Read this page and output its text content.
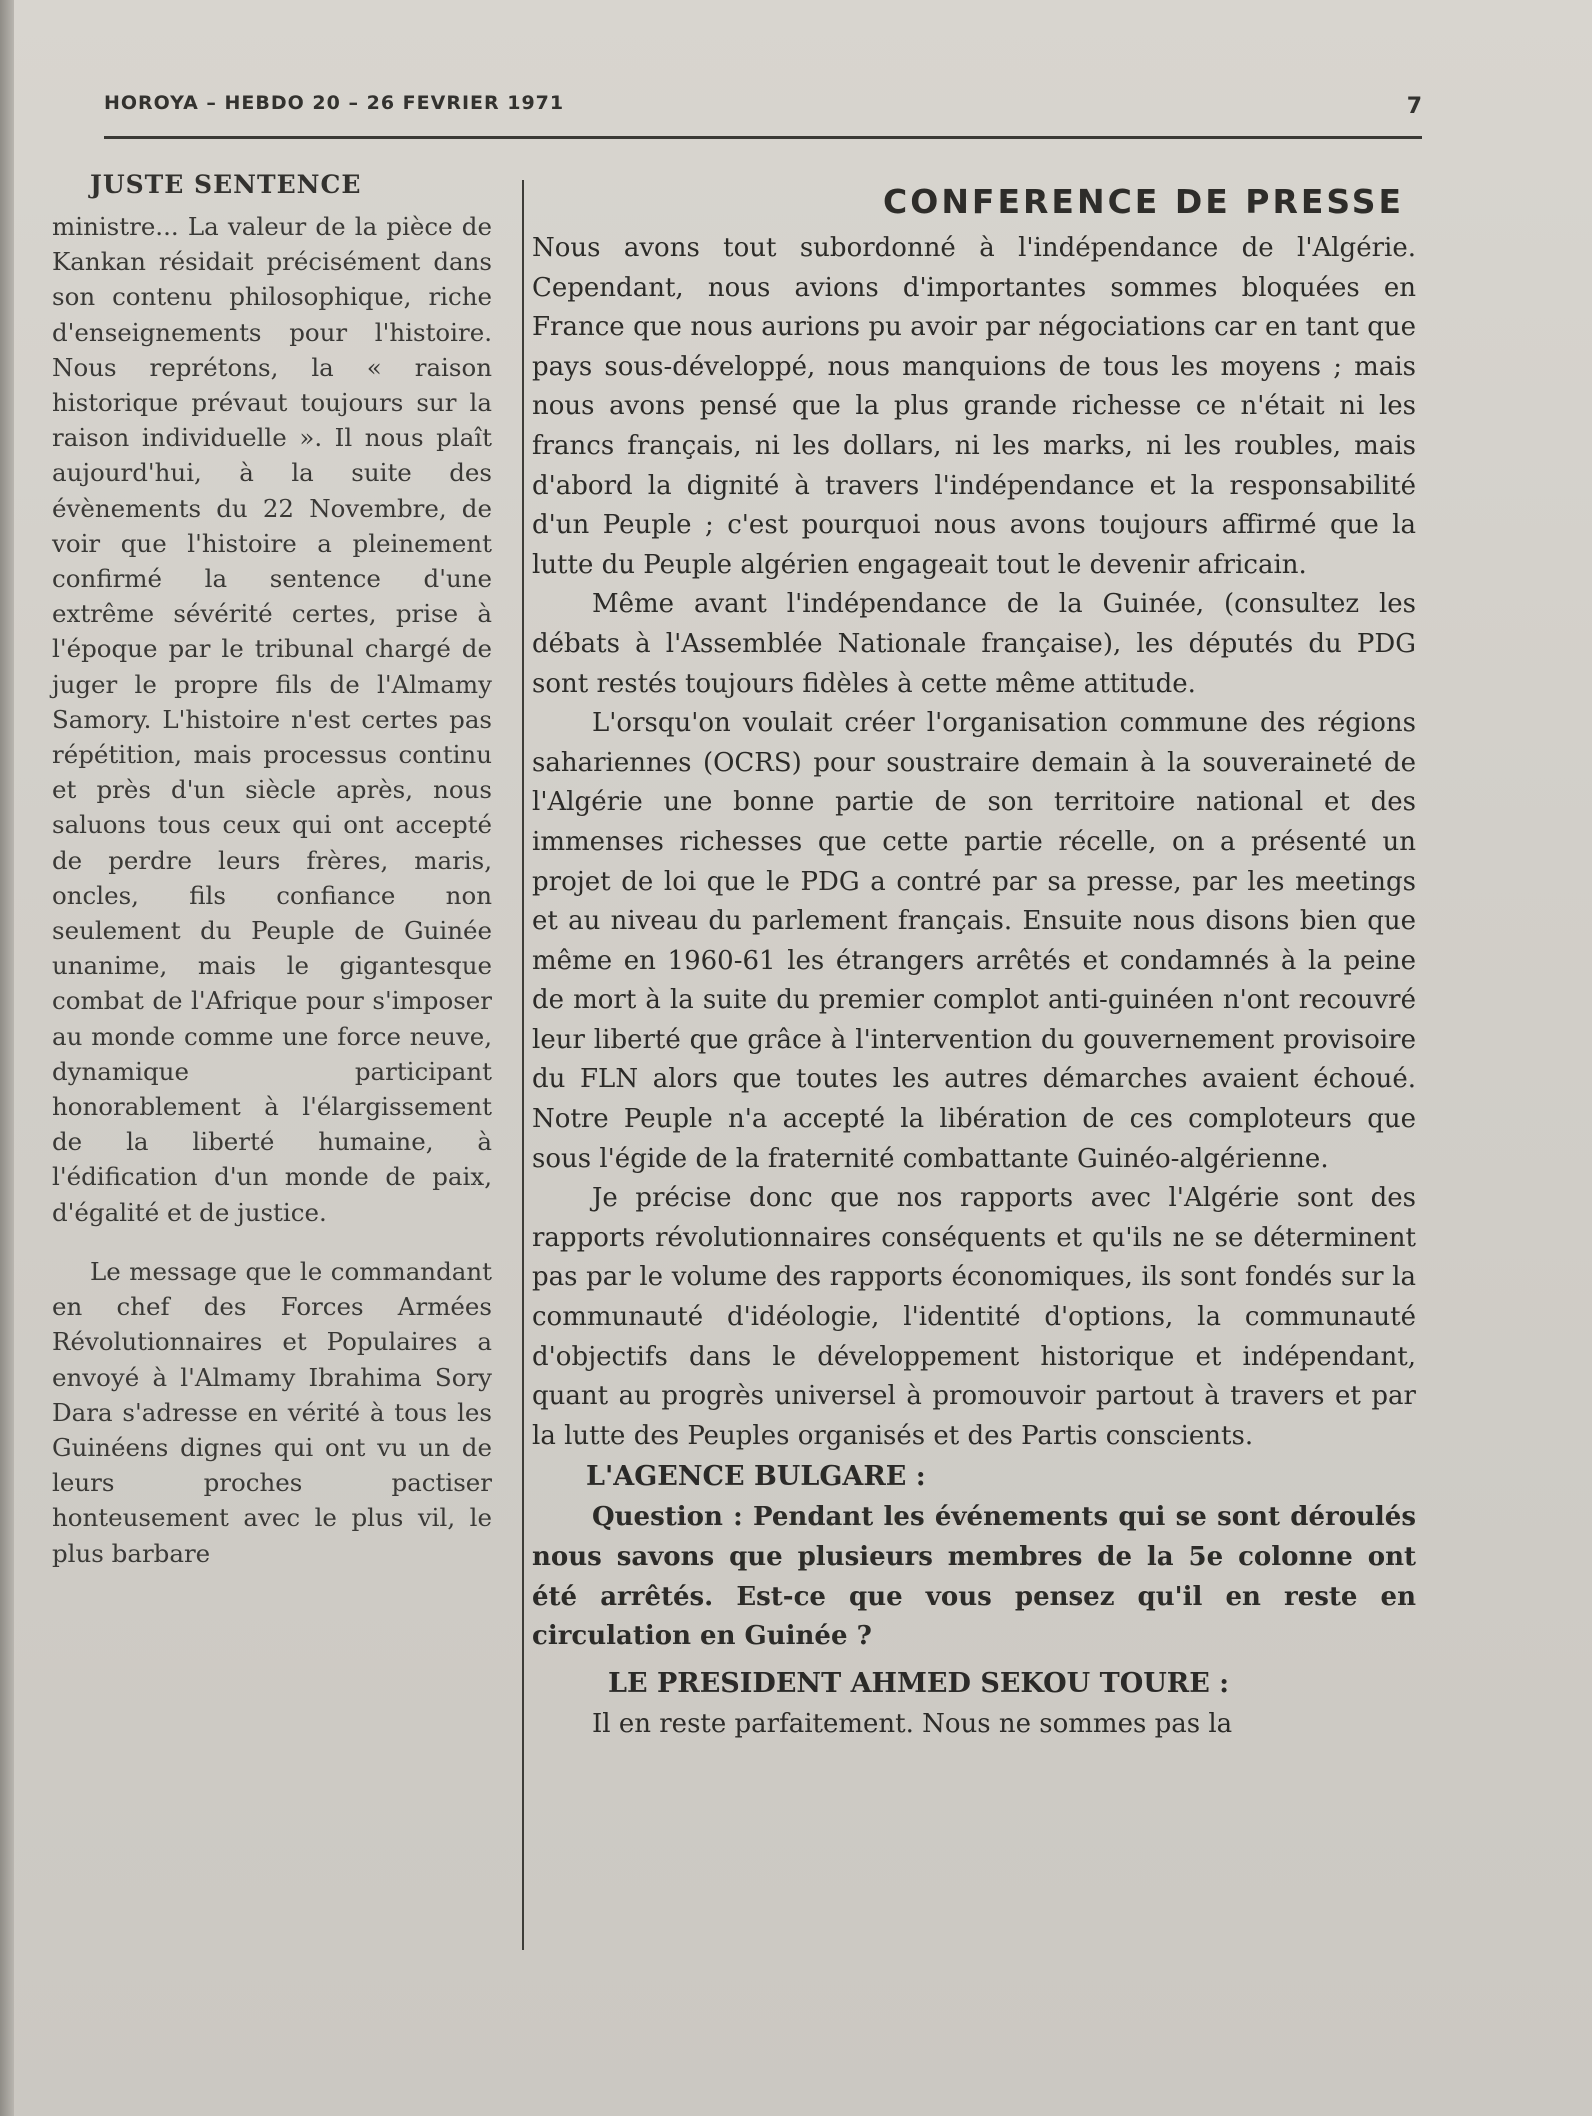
HOROYA – HEBDO 20 – 26 FEVRIER 1971	7
JUSTE SENTENCE

ministre... La valeur de la pièce de Kankan résidait précisément dans son contenu philosophique, riche d'enseignements pour l'histoire. Nous reprétons, la « raison historique prévaut toujours sur la raison individuelle ». Il nous plaît aujourd'hui, à la suite des évènements du 22 Novembre, de voir que l'histoire a pleinement confirmé la sentence d'une extrême sévérité certes, prise à l'époque par le tribunal chargé de juger le propre fils de l'Almamy Samory. L'histoire n'est certes pas répétition, mais processus continu et près d'un siècle après, nous saluons tous ceux qui ont accepté de perdre leurs frères, maris, oncles, fils confiance non seulement du Peuple de Guinée unanime, mais le gigantesque combat de l'Afrique pour s'imposer au monde comme une force neuve, dynamique participant honorablement à l'élargissement de la liberté humaine, à l'édification d'un monde de paix, d'égalité et de justice.

Le message que le commandant en chef des Forces Armées Révolutionnaires et Populaires a envoyé à l'Almamy Ibrahima Sory Dara s'adresse en vérité à tous les Guinéens dignes qui ont vu un de leurs proches pactiser honteusement avec le plus vil, le plus barbare

CONFERENCE DE PRESSE

Nous avons tout subordonné à l'indépendance de l'Algérie. Cependant, nous avions d'importantes sommes bloquées en France que nous aurions pu avoir par négociations car en tant que pays sous-développé, nous manquions de tous les moyens ; mais nous avons pensé que la plus grande richesse ce n'était ni les francs français, ni les dollars, ni les marks, ni les roubles, mais d'abord la dignité à travers l'indépendance et la responsabilité d'un Peuple ; c'est pourquoi nous avons toujours affirmé que la lutte du Peuple algérien engageait tout le devenir africain.

Même avant l'indépendance de la Guinée, (consultez les débats à l'Assemblée Nationale française), les députés du PDG sont restés toujours fidèles à cette même attitude.

L'orsqu'on voulait créer l'organisation commune des régions sahariennes (OCRS) pour soustraire demain à la souveraineté de l'Algérie une bonne partie de son territoire national et des immenses richesses que cette partie récelle, on a présenté un projet de loi que le PDG a contré par sa presse, par les meetings et au niveau du parlement français. Ensuite nous disons bien que même en 1960-61 les étrangers arrêtés et condamnés à la peine de mort à la suite du premier complot anti-guinéen n'ont recouvré leur liberté que grâce à l'intervention du gouvernement provisoire du FLN alors que toutes les autres démarches avaient échoué. Notre Peuple n'a accepté la libération de ces comploteurs que sous l'égide de la fraternité combattante Guinéo-algérienne.

Je précise donc que nos rapports avec l'Algérie sont des rapports révolutionnaires conséquents et qu'ils ne se déterminent pas par le volume des rapports économiques, ils sont fondés sur la communauté d'idéologie, l'identité d'options, la communauté d'objectifs dans le développement historique et indépendant, quant au progrès universel à promouvoir partout à travers et par la lutte des Peuples organisés et des Partis conscients.

L'AGENCE BULGARE :

Question : Pendant les événements qui se sont déroulés nous savons que plusieurs membres de la 5e colonne ont été arrêtés. Est-ce que vous pensez qu'il en reste en circulation en Guinée ?

LE PRESIDENT AHMED SEKOU TOURE :

Il en reste parfaitement. Nous ne sommes pas la
